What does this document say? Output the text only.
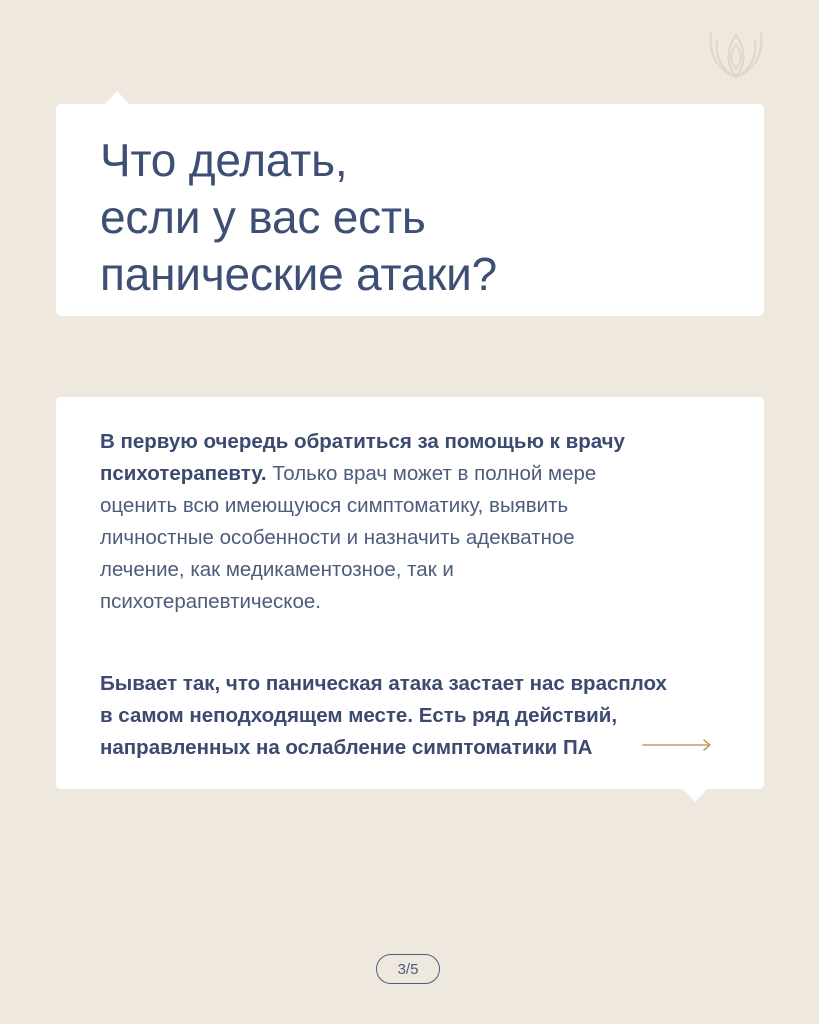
Что делать,
если у вас есть
панические атаки?

В первую очередь обратиться за помощью к врачу
психотерапевту. Только врач может в полной мере
оценить всю имеющуюся симптоматику, выявить
личностные особенности и назначить адекватное
лечение, как медикаментозное, так и
психотерапевтическое.

Бывает так, что паническая атака застает нас врасплох
в самом неподходящем месте. Есть ряд действий,
направленных на ослабление симптоматики ПА

3/5
